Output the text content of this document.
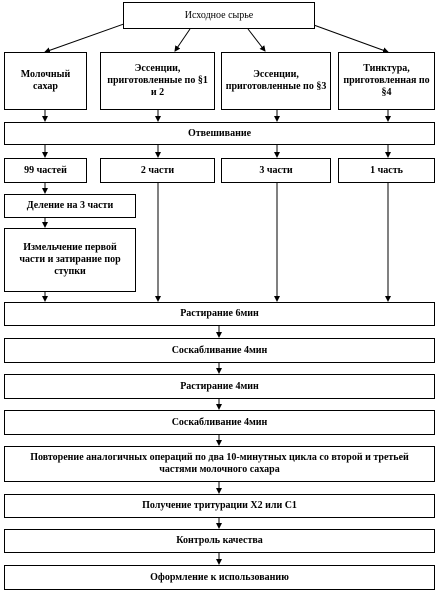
Исходное сырье
Молочный сахар
Эссенции, приготовленные по §1 и 2
Эссенции, приготовленные по §3
Тинктура, приготовленная по §4
Отвешивание
99 частей	2 части	3 части	1 часть
Деление на 3 части
Измельчение первой части и затирание пор ступки
Растирание 6мин
Соскабливание 4мин
Растирание 4мин
Соскабливание 4мин
Повторение аналогичных операций по два 10-минутных цикла со второй и третьей частями молочного сахара
Получение тритурации Х2 или С1
Контроль качества
Оформление к использованию
